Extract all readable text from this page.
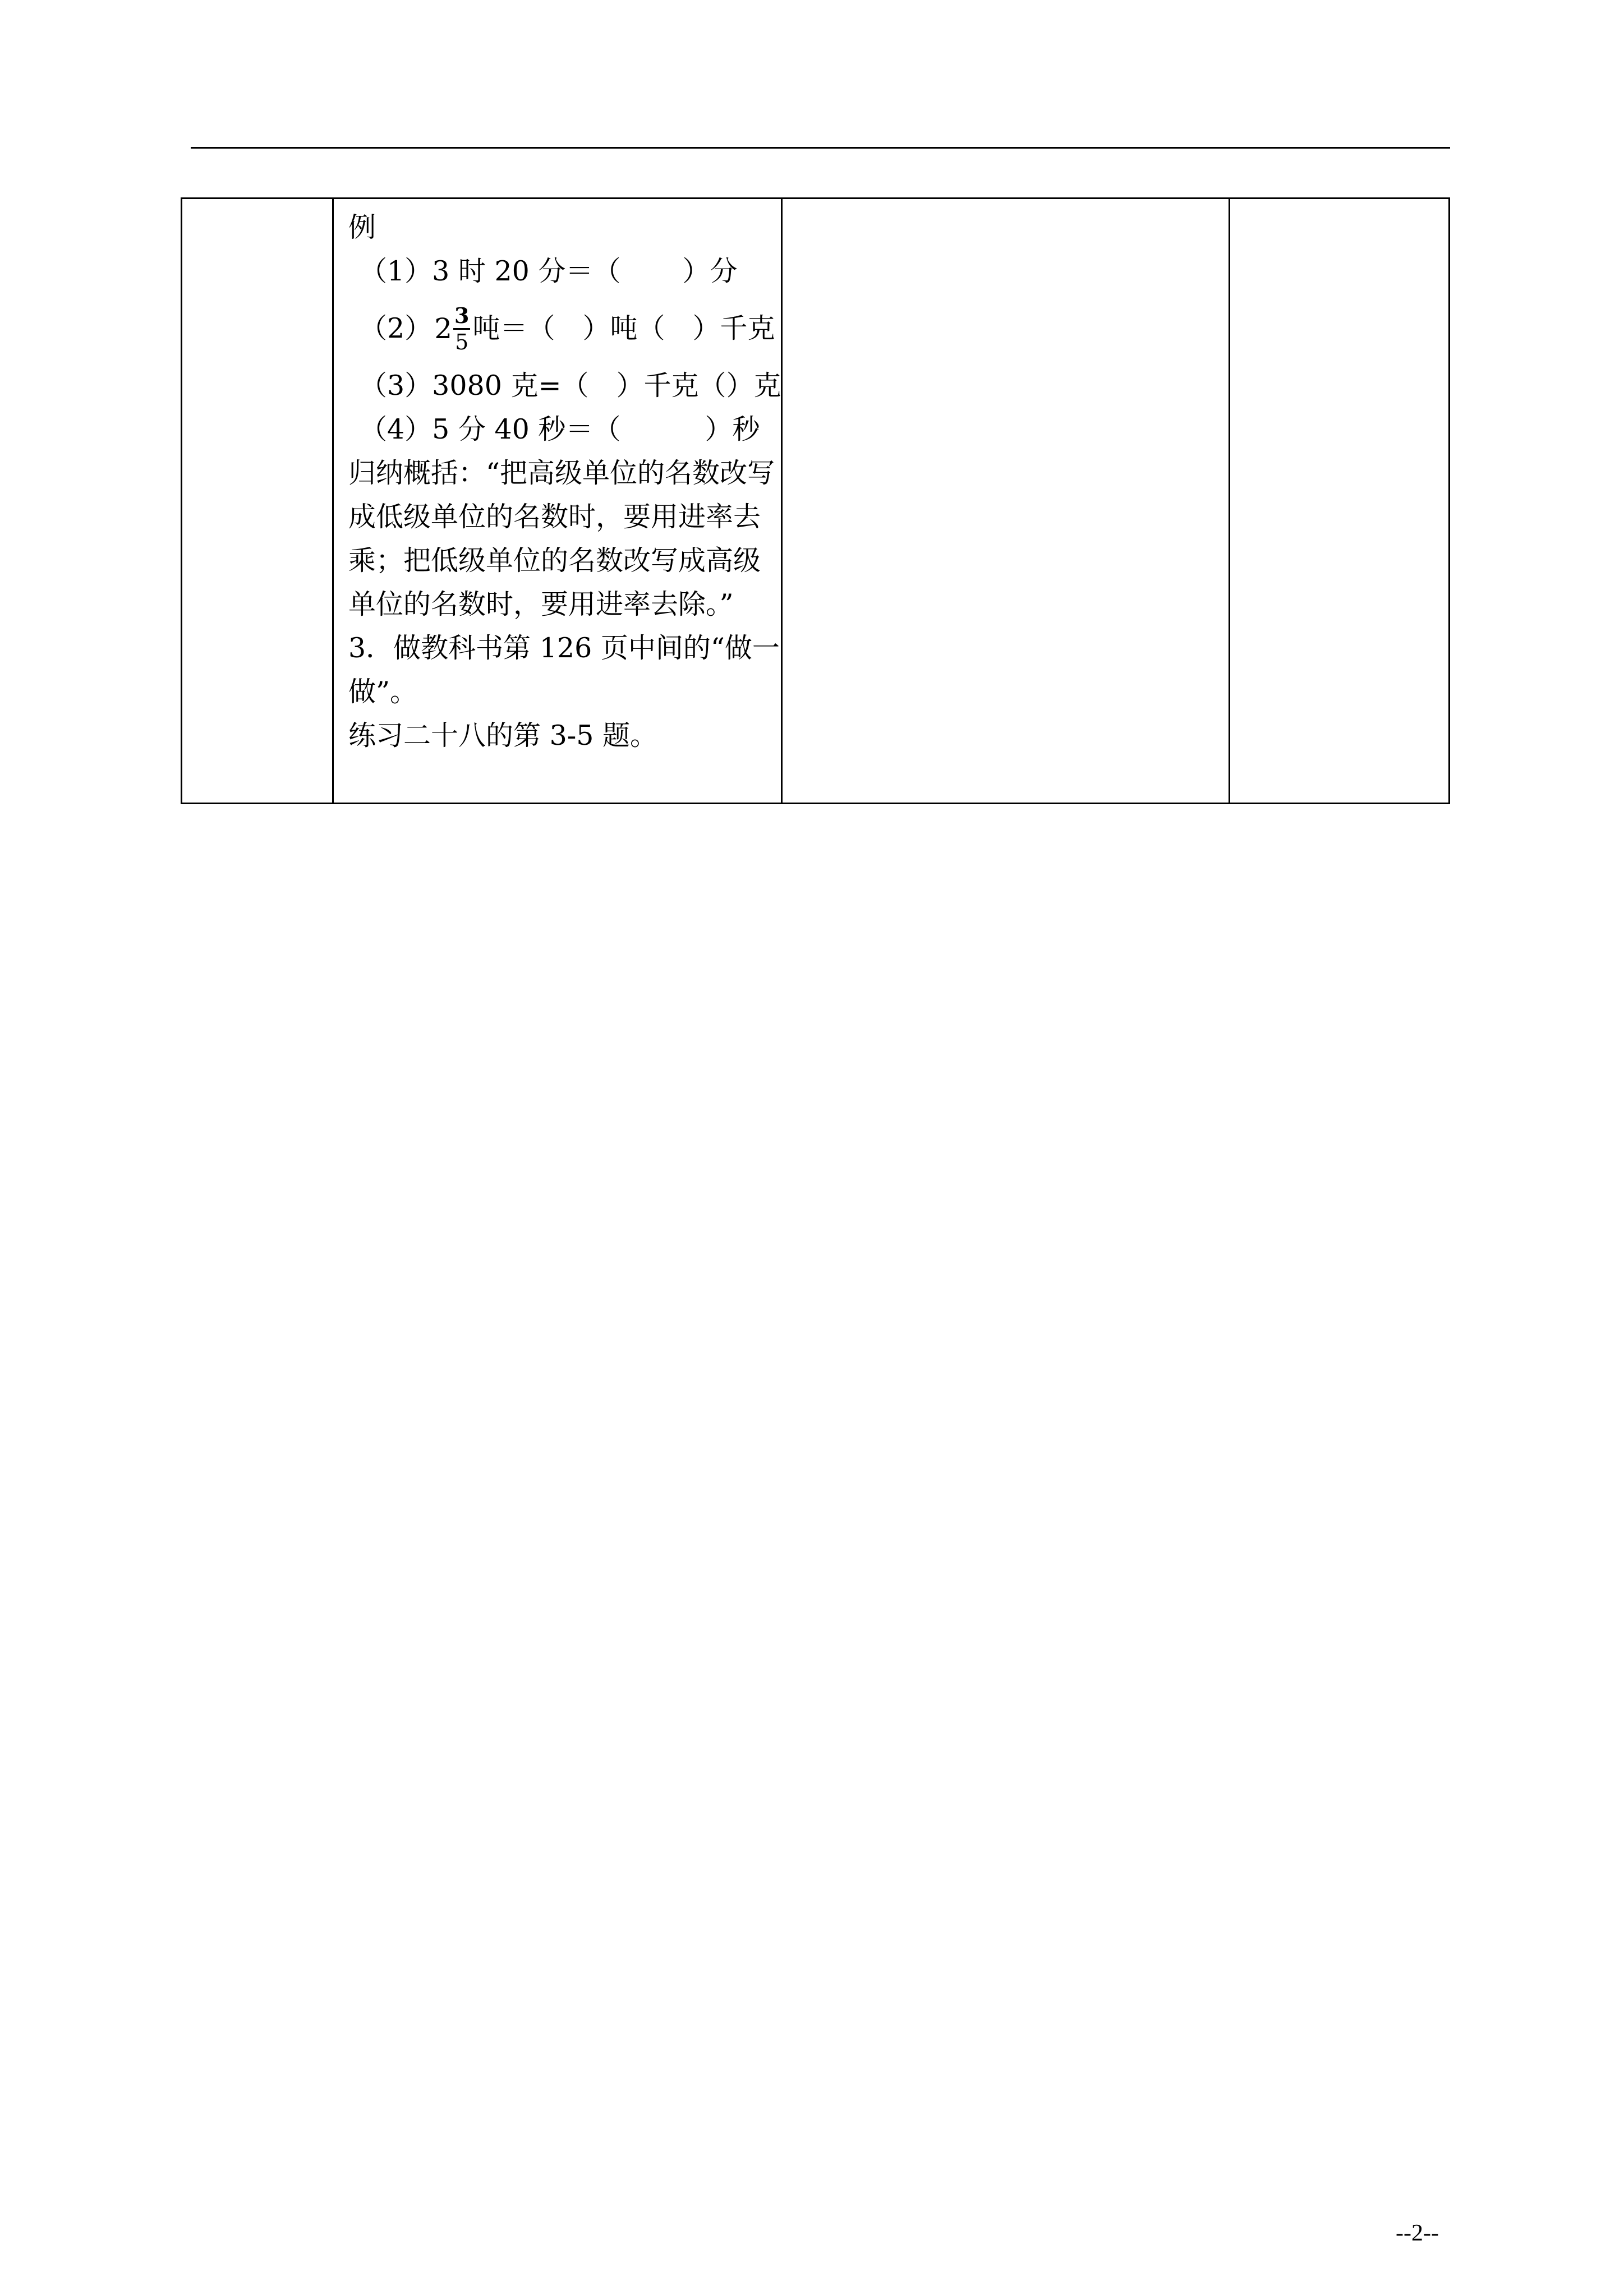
例
（1）3 时 20 分＝（ ）分
（2） $2 \frac{3}{5}$ 吨＝（　）吨（　）千克
（3）3080 克=（　）千克（）克
（4）5 分 40 秒＝（	）秒
归纳概括：“把高级单位的名数改写成低级单位的名数时，要用进率去乘；把低级单位的名数改写成高级单位的名数时，要用进率去除。”
3．做教科书第 126 页中间的“做一做”。
练习二十八的第 3-5 题。

--2--
